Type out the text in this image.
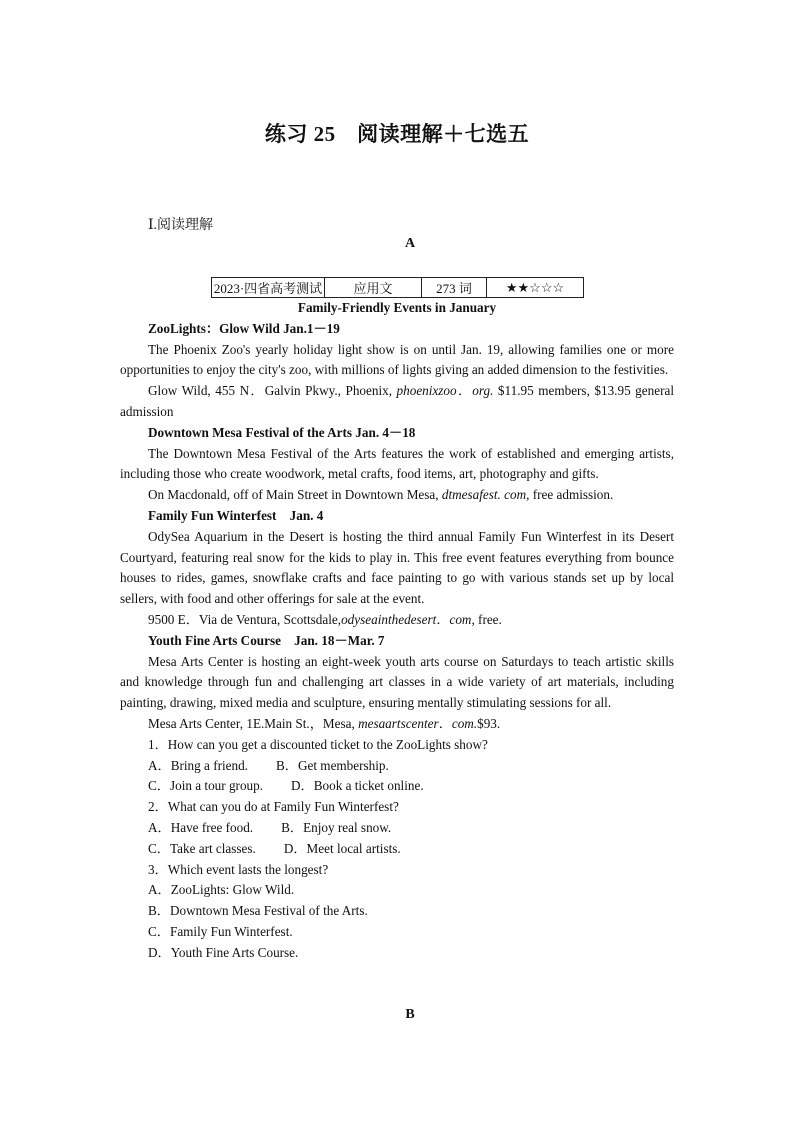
练习 25　阅读理解＋七选五
Ⅰ.阅读理解
A
2023·四省高考测试	应用文	273 词	★★☆☆☆

Family-Friendly Events in January

ZooLights：Glow Wild Jan.1－19

The Phoenix Zoo's yearly holiday light show is on until Jan. 19, allowing families one or more opportunities to enjoy the city's zoo, with millions of lights giving an added dimension to the festivities.

Glow Wild, 455 N．Galvin Pkwy., Phoenix, phoenixzoo．org. $11.95 members, $13.95 general admission

Downtown Mesa Festival of the Arts Jan. 4－18

The Downtown Mesa Festival of the Arts features the work of established and emerging artists, including those who create woodwork, metal crafts, food items, art, photography and gifts.

On Macdonald, off of Main Street in Downtown Mesa, dtmesafest. com, free admission.

Family Fun Winterfest　Jan. 4

OdySea Aquarium in the Desert is hosting the third annual Family Fun Winterfest in its Desert Courtyard, featuring real snow for the kids to play in. This free event features everything from bounce houses to rides, games, snowflake crafts and face painting to go with various stands set up by local sellers, with food and other offerings for sale at the event.

9500 E．Via de Ventura, Scottsdale,odyseainthedesert．com, free.

Youth Fine Arts Course　Jan. 18－Mar. 7

Mesa Arts Center is hosting an eight-week youth arts course on Saturdays to teach artistic skills and knowledge through fun and challenging art classes in a wide variety of art materials, including painting, drawing, mixed media and sculpture, ensuring mentally stimulating sessions for all.

Mesa Arts Center, 1E.Main St.，Mesa, mesaartscenter．com.$93.

1．How can you get a discounted ticket to the ZooLights show?

A．Bring a friend. B．Get membership.

C．Join a tour group. D．Book a ticket online.

2．What can you do at Family Fun Winterfest?

A．Have free food. B．Enjoy real snow.

C．Take art classes. D．Meet local artists.

3．Which event lasts the longest?

A．ZooLights: Glow Wild.

B．Downtown Mesa Festival of the Arts.

C．Family Fun Winterfest.

D．Youth Fine Arts Course.

B
